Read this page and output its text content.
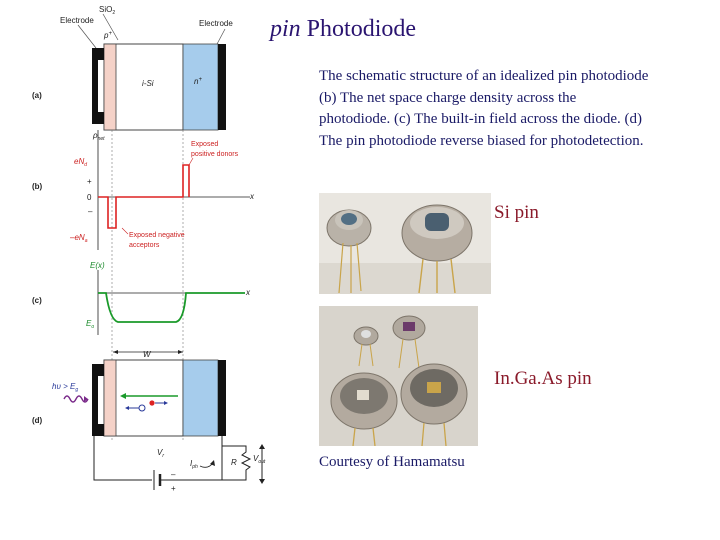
pin Photodiode
The schematic structure of an idealized pin photodiode (b) The net space charge density across the photodiode. (c) The built-in field across the diode. (d) The pin photodiode reverse biased for photodetection.
SiO$_2$
Electrode	Electrode
(a)
p+
i-Si	n+
$\rho_{net}$
$eN_d$
(b)
+
0
–
$-eN_a$
x
Exposed
positive donors
Exposed negative
acceptors
E(x)
(c)
x
$E_o$
W
(d)
$h\upsilon > E_g$
$V_r$
$I_{ph}$	R $V_{out}$
–
+
Si pin
In.Ga.As pin
Courtesy of Hamamatsu
